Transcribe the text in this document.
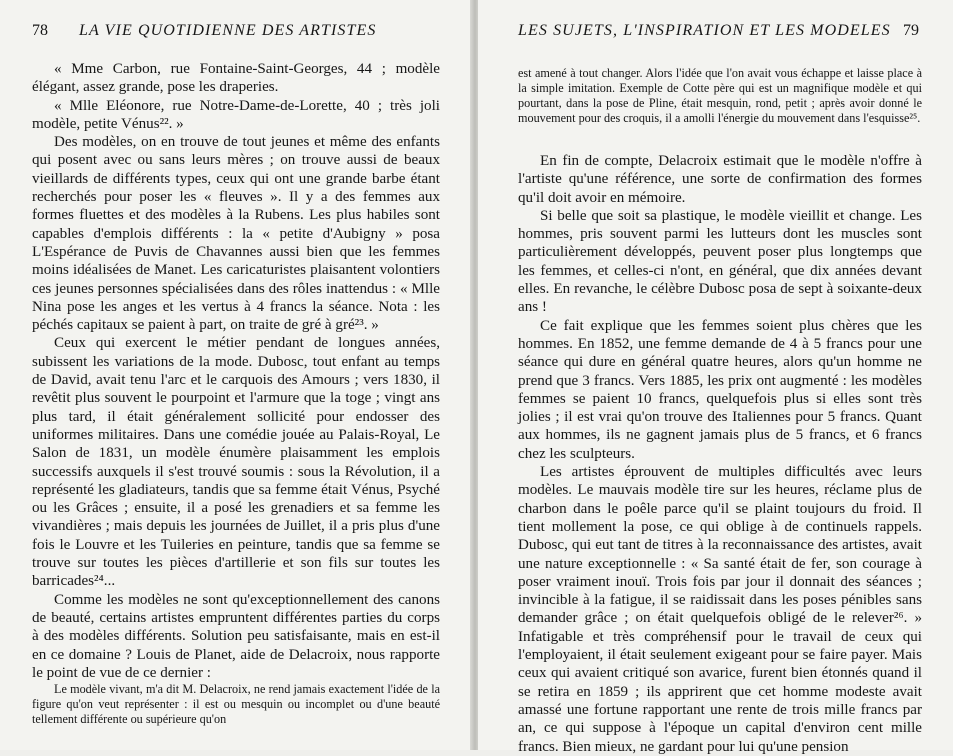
78 LA VIE QUOTIDIENNE DES ARTISTES

« Mme Carbon, rue Fontaine-Saint-Georges, 44 ; modèle élégant, assez grande, pose les draperies.

« Mlle Eléonore, rue Notre-Dame-de-Lorette, 40 ; très joli modèle, petite Vénus²². »

Des modèles, on en trouve de tout jeunes et même des enfants qui posent avec ou sans leurs mères ; on trouve aussi de beaux vieillards de différents types, ceux qui ont une grande barbe étant recherchés pour poser les « fleuves ». Il y a des femmes aux formes fluettes et des modèles à la Rubens. Les plus habiles sont capables d'emplois différents : la « petite d'Aubigny » posa L'Espérance de Puvis de Chavannes aussi bien que les femmes moins idéalisées de Manet. Les caricaturistes plaisantent volontiers ces jeunes personnes spécialisées dans des rôles inattendus : « Mlle Nina pose les anges et les vertus à 4 francs la séance. Nota : les péchés capitaux se paient à part, on traite de gré à gré²³. »

Ceux qui exercent le métier pendant de longues années, subissent les variations de la mode. Dubosc, tout enfant au temps de David, avait tenu l'arc et le carquois des Amours ; vers 1830, il revêtit plus souvent le pourpoint et l'armure que la toge ; vingt ans plus tard, il était généralement sollicité pour endosser des uniformes militaires. Dans une comédie jouée au Palais-Royal, Le Salon de 1831, un modèle énumère plaisamment les emplois successifs auxquels il s'est trouvé soumis : sous la Révolution, il a représenté les gladiateurs, tandis que sa femme était Vénus, Psyché ou les Grâces ; ensuite, il a posé les grenadiers et sa femme les vivandières ; mais depuis les journées de Juillet, il a pris plus d'une fois le Louvre et les Tuileries en peinture, tandis que sa femme se trouve sur toutes les pièces d'artillerie et son fils sur toutes les barricades²⁴...

Comme les modèles ne sont qu'exceptionnellement des canons de beauté, certains artistes empruntent différentes parties du corps à des modèles différents. Solution peu satisfaisante, mais en est-il en ce domaine ? Louis de Planet, aide de Delacroix, nous rapporte le point de vue de ce dernier :

Le modèle vivant, m'a dit M. Delacroix, ne rend jamais exactement l'idée de la figure qu'on veut représenter : il est ou mesquin ou incomplet ou d'une beauté tellement différente ou supérieure qu'on

LES SUJETS, L'INSPIRATION ET LES MODELES 79

est amené à tout changer. Alors l'idée que l'on avait vous échappe et laisse place à la simple imitation. Exemple de Cotte père qui est un magnifique modèle et qui pourtant, dans la pose de Pline, était mesquin, rond, petit ; après avoir donné le mouvement pour des croquis, il a amolli l'énergie du mouvement dans l'esquisse²⁵.

En fin de compte, Delacroix estimait que le modèle n'offre à l'artiste qu'une référence, une sorte de confirmation des formes qu'il doit avoir en mémoire.

Si belle que soit sa plastique, le modèle vieillit et change. Les hommes, pris souvent parmi les lutteurs dont les muscles sont particulièrement développés, peuvent poser plus longtemps que les femmes, et celles-ci n'ont, en général, que dix années devant elles. En revanche, le célèbre Dubosc posa de sept à soixante-deux ans !

Ce fait explique que les femmes soient plus chères que les hommes. En 1852, une femme demande de 4 à 5 francs pour une séance qui dure en général quatre heures, alors qu'un homme ne prend que 3 francs. Vers 1885, les prix ont augmenté : les modèles femmes se paient 10 francs, quelquefois plus si elles sont très jolies ; il est vrai qu'on trouve des Italiennes pour 5 francs. Quant aux hommes, ils ne gagnent jamais plus de 5 francs, et 6 francs chez les sculpteurs.

Les artistes éprouvent de multiples difficultés avec leurs modèles. Le mauvais modèle tire sur les heures, réclame plus de charbon dans le poêle parce qu'il se plaint toujours du froid. Il tient mollement la pose, ce qui oblige à de continuels rappels. Dubosc, qui eut tant de titres à la reconnaissance des artistes, avait une nature exceptionnelle : « Sa santé était de fer, son courage à poser vraiment inouï. Trois fois par jour il donnait des séances ; invincible à la fatigue, il se raidissait dans les poses pénibles sans demander grâce ; on était quelquefois obligé de le relever²⁶. » Infatigable et très compréhensif pour le travail de ceux qui l'employaient, il était seulement exigeant pour se faire payer. Mais ceux qui avaient critiqué son avarice, furent bien étonnés quand il se retira en 1859 ; ils apprirent que cet homme modeste avait amassé une fortune rapportant une rente de trois mille francs par an, ce qui suppose à l'époque un capital d'environ cent mille francs. Bien mieux, ne gardant pour lui qu'une pension
